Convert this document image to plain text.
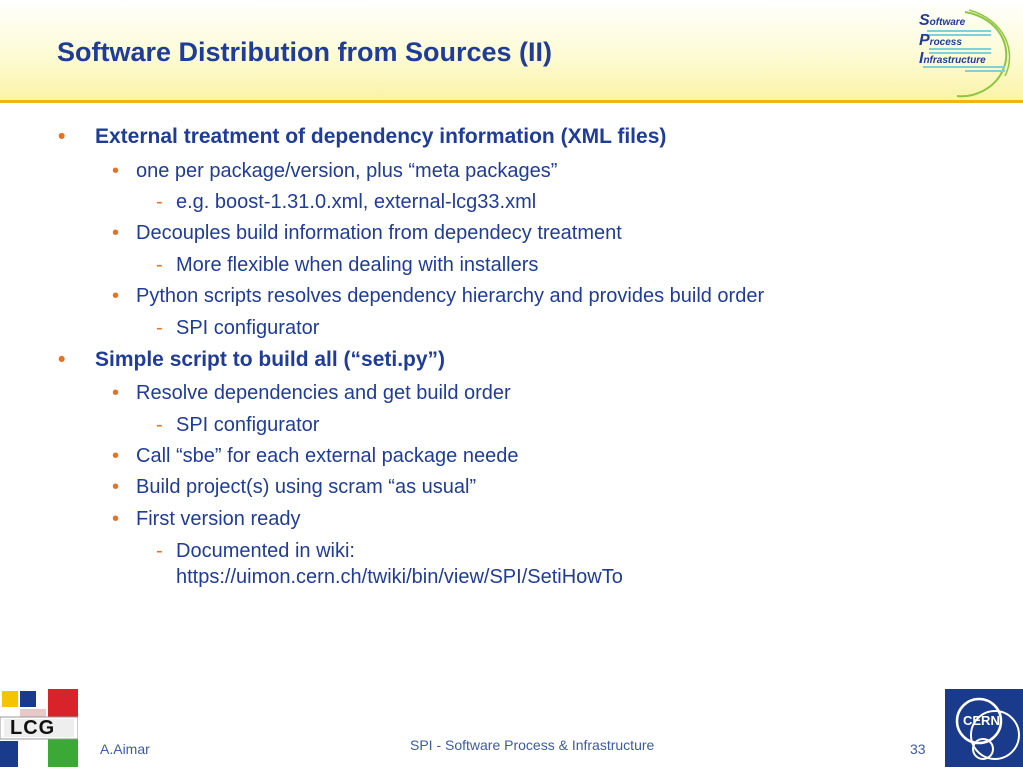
Software Distribution from Sources (II)
Software
Process
Infrastructure
• External treatment of dependency information (XML files)
• one per package/version, plus “meta packages”
- e.g. boost-1.31.0.xml, external-lcg33.xml
• Decouples build information from dependecy treatment
- More flexible when dealing with installers
• Python scripts resolves dependency hierarchy and provides build order
- SPI configurator
• Simple script to build all (“seti.py”)
• Resolve dependencies and get build order
- SPI configurator
• Call “sbe” for each external package neede
• Build project(s) using scram “as usual”
• First version ready
- Documented in wiki:
https://uimon.cern.ch/twiki/bin/view/SPI/SetiHowTo
LCG
A.Aimar	SPI - Software Process & Infrastructure	33
CERN
